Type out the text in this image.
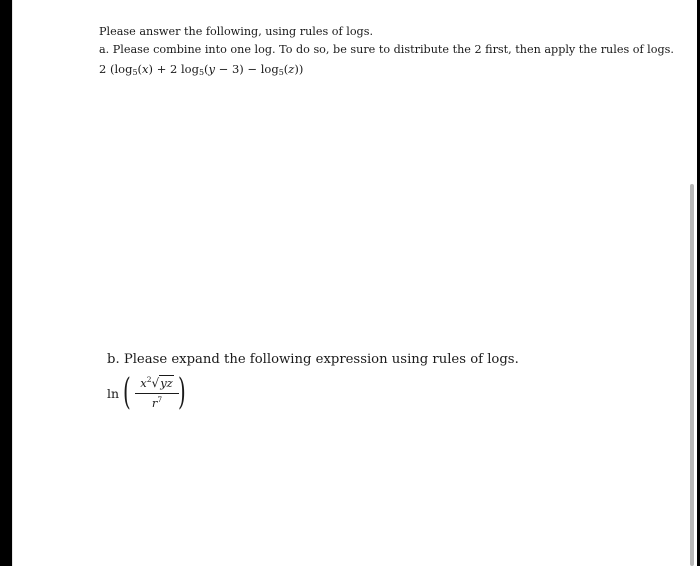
Please answer the following, using rules of logs.
a. Please combine into one log. To do so, be sure to distribute the 2 first, then apply the rules of logs.
2 ($\log_5(x) + 2$ $\log_5(y - 3) - \log_5(z)$)
b. Please expand the following expression using rules of logs.
ln ( $x^2√yz$
$r^7$ )
